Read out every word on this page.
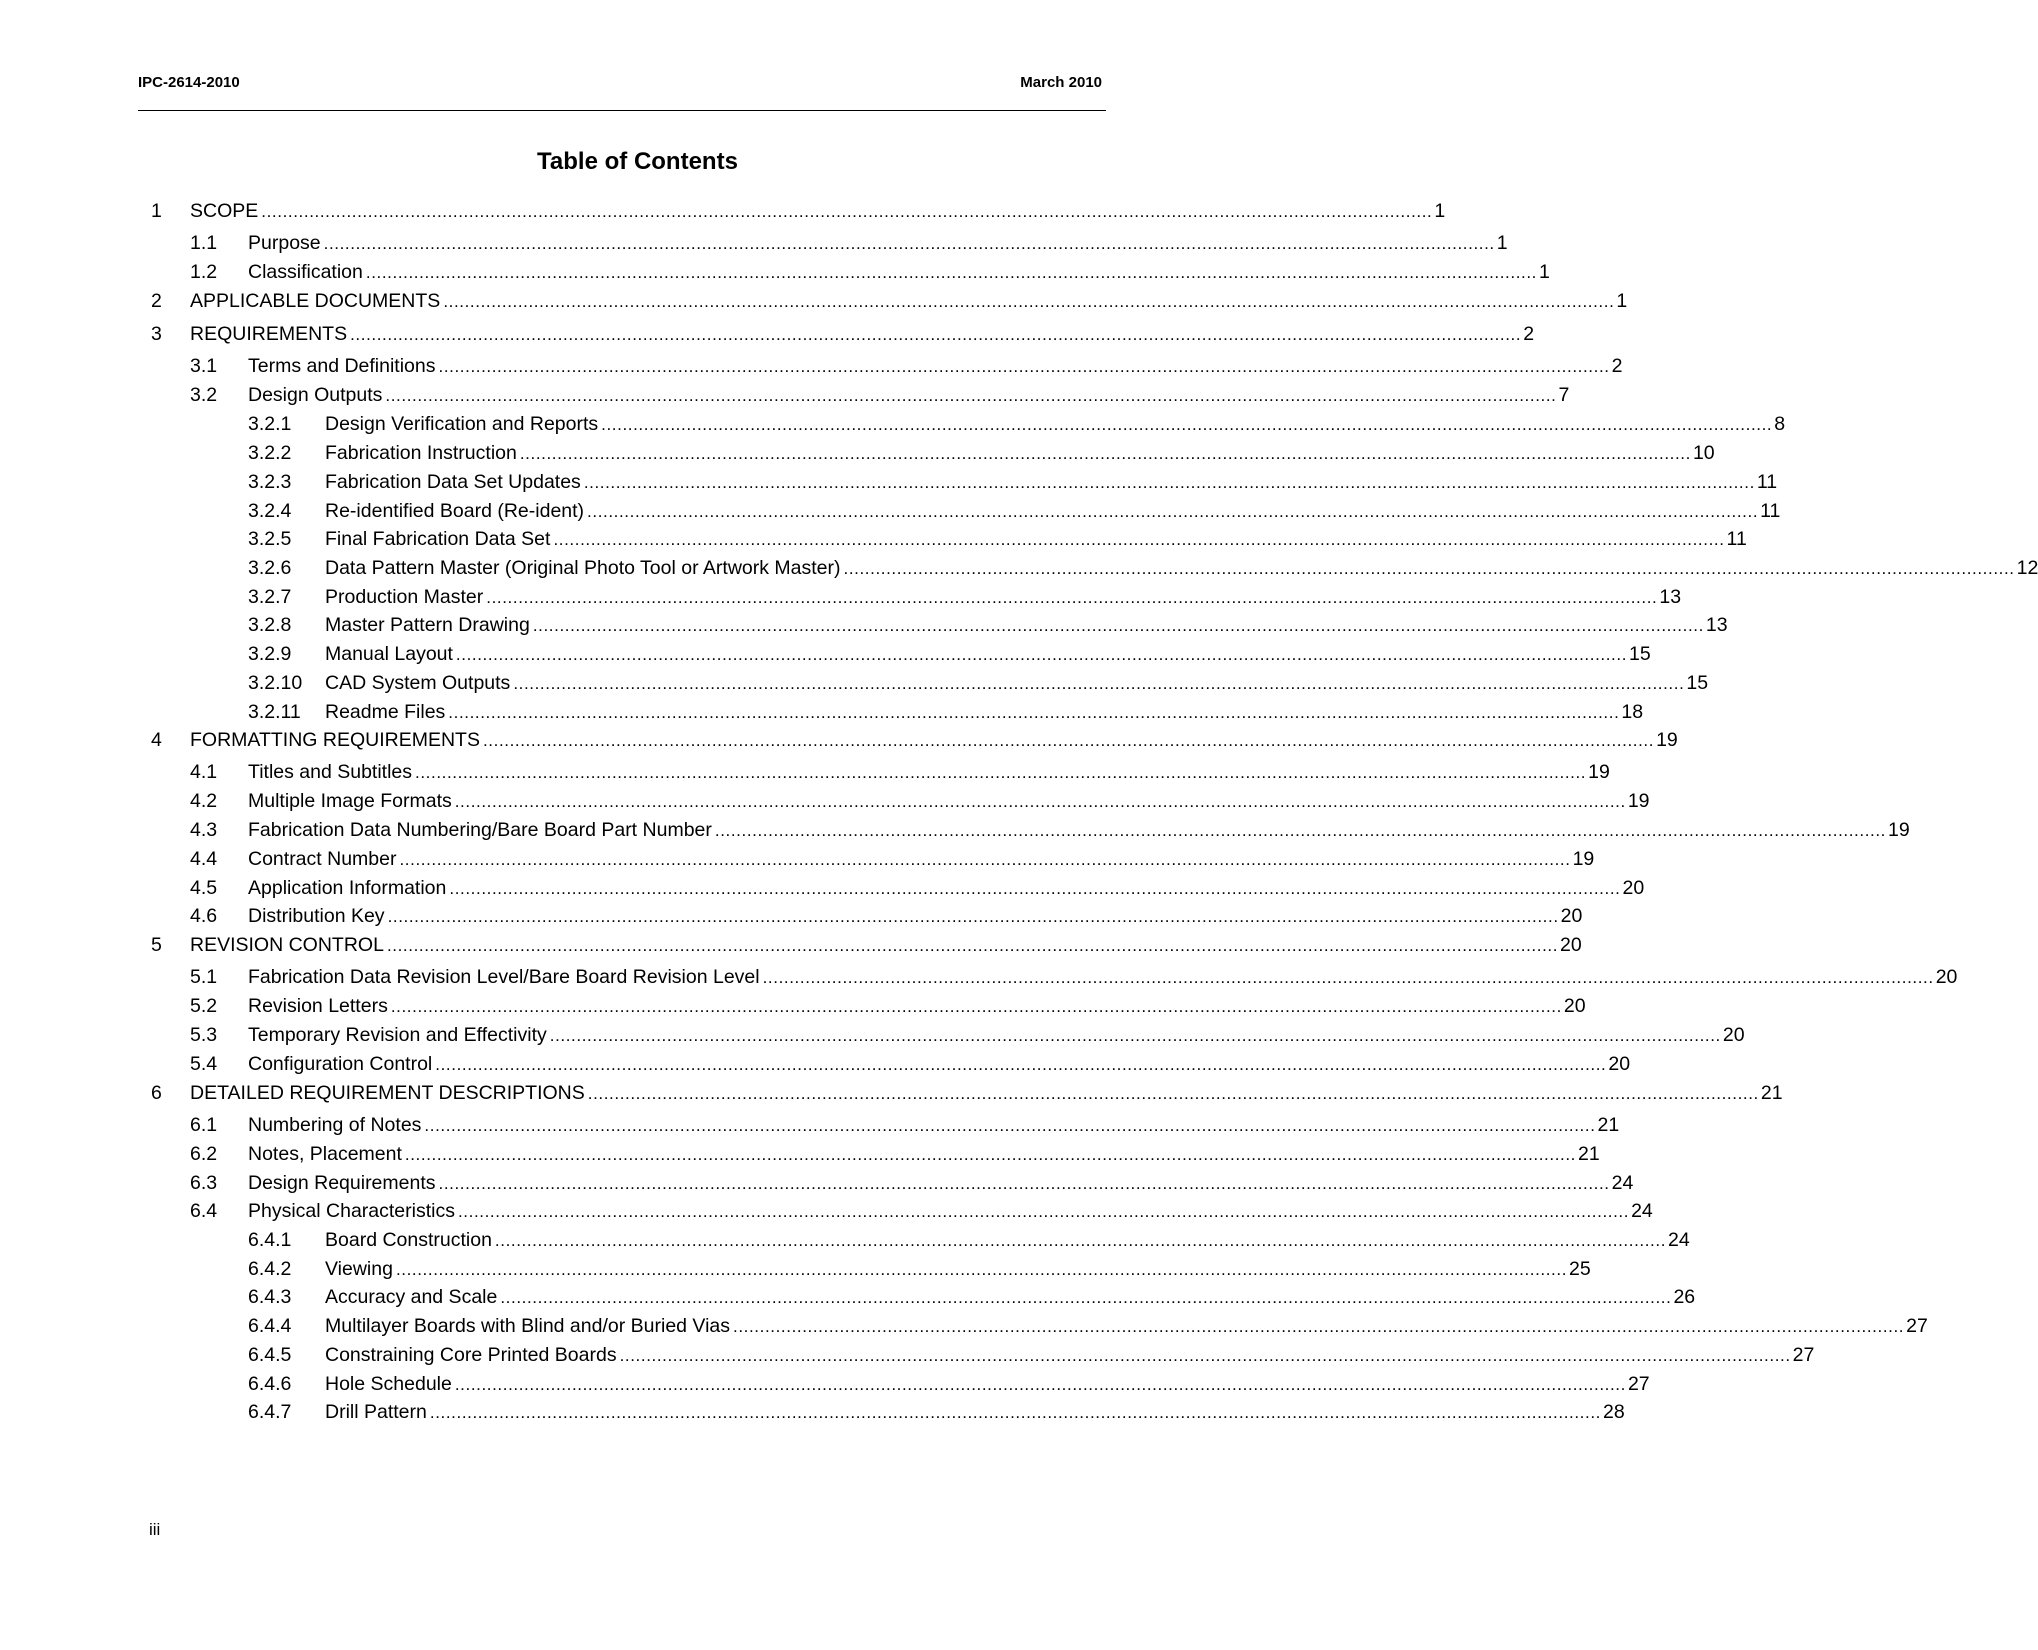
IPC-2614-2010	March 2010
Table of Contents
1 SCOPE ............................................................................................................................................................................................................................ 1
1.1 Purpose ............................................................................................................................................................................................................................ 1
1.2 Classification ............................................................................................................................................................................................................................ 1
2 APPLICABLE DOCUMENTS ............................................................................................................................................................................................................................ 1
3 REQUIREMENTS ............................................................................................................................................................................................................................ 2
3.1 Terms and Definitions ............................................................................................................................................................................................................................ 2
3.2 Design Outputs ............................................................................................................................................................................................................................ 7
3.2.1 Design Verification and Reports ............................................................................................................................................................................................................................ 8
3.2.2 Fabrication Instruction ............................................................................................................................................................................................................................ 10
3.2.3 Fabrication Data Set Updates ............................................................................................................................................................................................................................ 11
3.2.4 Re-identified Board (Re-ident) ............................................................................................................................................................................................................................ 11
3.2.5 Final Fabrication Data Set ............................................................................................................................................................................................................................ 11
3.2.6 Data Pattern Master (Original Photo Tool or Artwork Master) ............................................................................................................................................................................................................................ 12
3.2.7 Production Master ............................................................................................................................................................................................................................ 13
3.2.8 Master Pattern Drawing ............................................................................................................................................................................................................................ 13
3.2.9 Manual Layout ............................................................................................................................................................................................................................ 15
3.2.10 CAD System Outputs ............................................................................................................................................................................................................................ 15
3.2.11 Readme Files ............................................................................................................................................................................................................................ 18
4 FORMATTING REQUIREMENTS ............................................................................................................................................................................................................................ 19
4.1 Titles and Subtitles ............................................................................................................................................................................................................................ 19
4.2 Multiple Image Formats ............................................................................................................................................................................................................................ 19
4.3 Fabrication Data Numbering/Bare Board Part Number ............................................................................................................................................................................................................................ 19
4.4 Contract Number ............................................................................................................................................................................................................................ 19
4.5 Application Information ............................................................................................................................................................................................................................ 20
4.6 Distribution Key ............................................................................................................................................................................................................................ 20
5 REVISION CONTROL ............................................................................................................................................................................................................................ 20
5.1 Fabrication Data Revision Level/Bare Board Revision Level ............................................................................................................................................................................................................................ 20
5.2 Revision Letters ............................................................................................................................................................................................................................ 20
5.3 Temporary Revision and Effectivity ............................................................................................................................................................................................................................ 20
5.4 Configuration Control ............................................................................................................................................................................................................................ 20
6 DETAILED REQUIREMENT DESCRIPTIONS ............................................................................................................................................................................................................................ 21
6.1 Numbering of Notes ............................................................................................................................................................................................................................ 21
6.2 Notes, Placement ............................................................................................................................................................................................................................ 21
6.3 Design Requirements ............................................................................................................................................................................................................................ 24
6.4 Physical Characteristics ............................................................................................................................................................................................................................ 24
6.4.1 Board Construction ............................................................................................................................................................................................................................ 24
6.4.2 Viewing ............................................................................................................................................................................................................................ 25
6.4.3 Accuracy and Scale ............................................................................................................................................................................................................................ 26
6.4.4 Multilayer Boards with Blind and/or Buried Vias ............................................................................................................................................................................................................................ 27
6.4.5 Constraining Core Printed Boards ............................................................................................................................................................................................................................ 27
6.4.6 Hole Schedule ............................................................................................................................................................................................................................ 27
6.4.7 Drill Pattern ............................................................................................................................................................................................................................ 28
iii
